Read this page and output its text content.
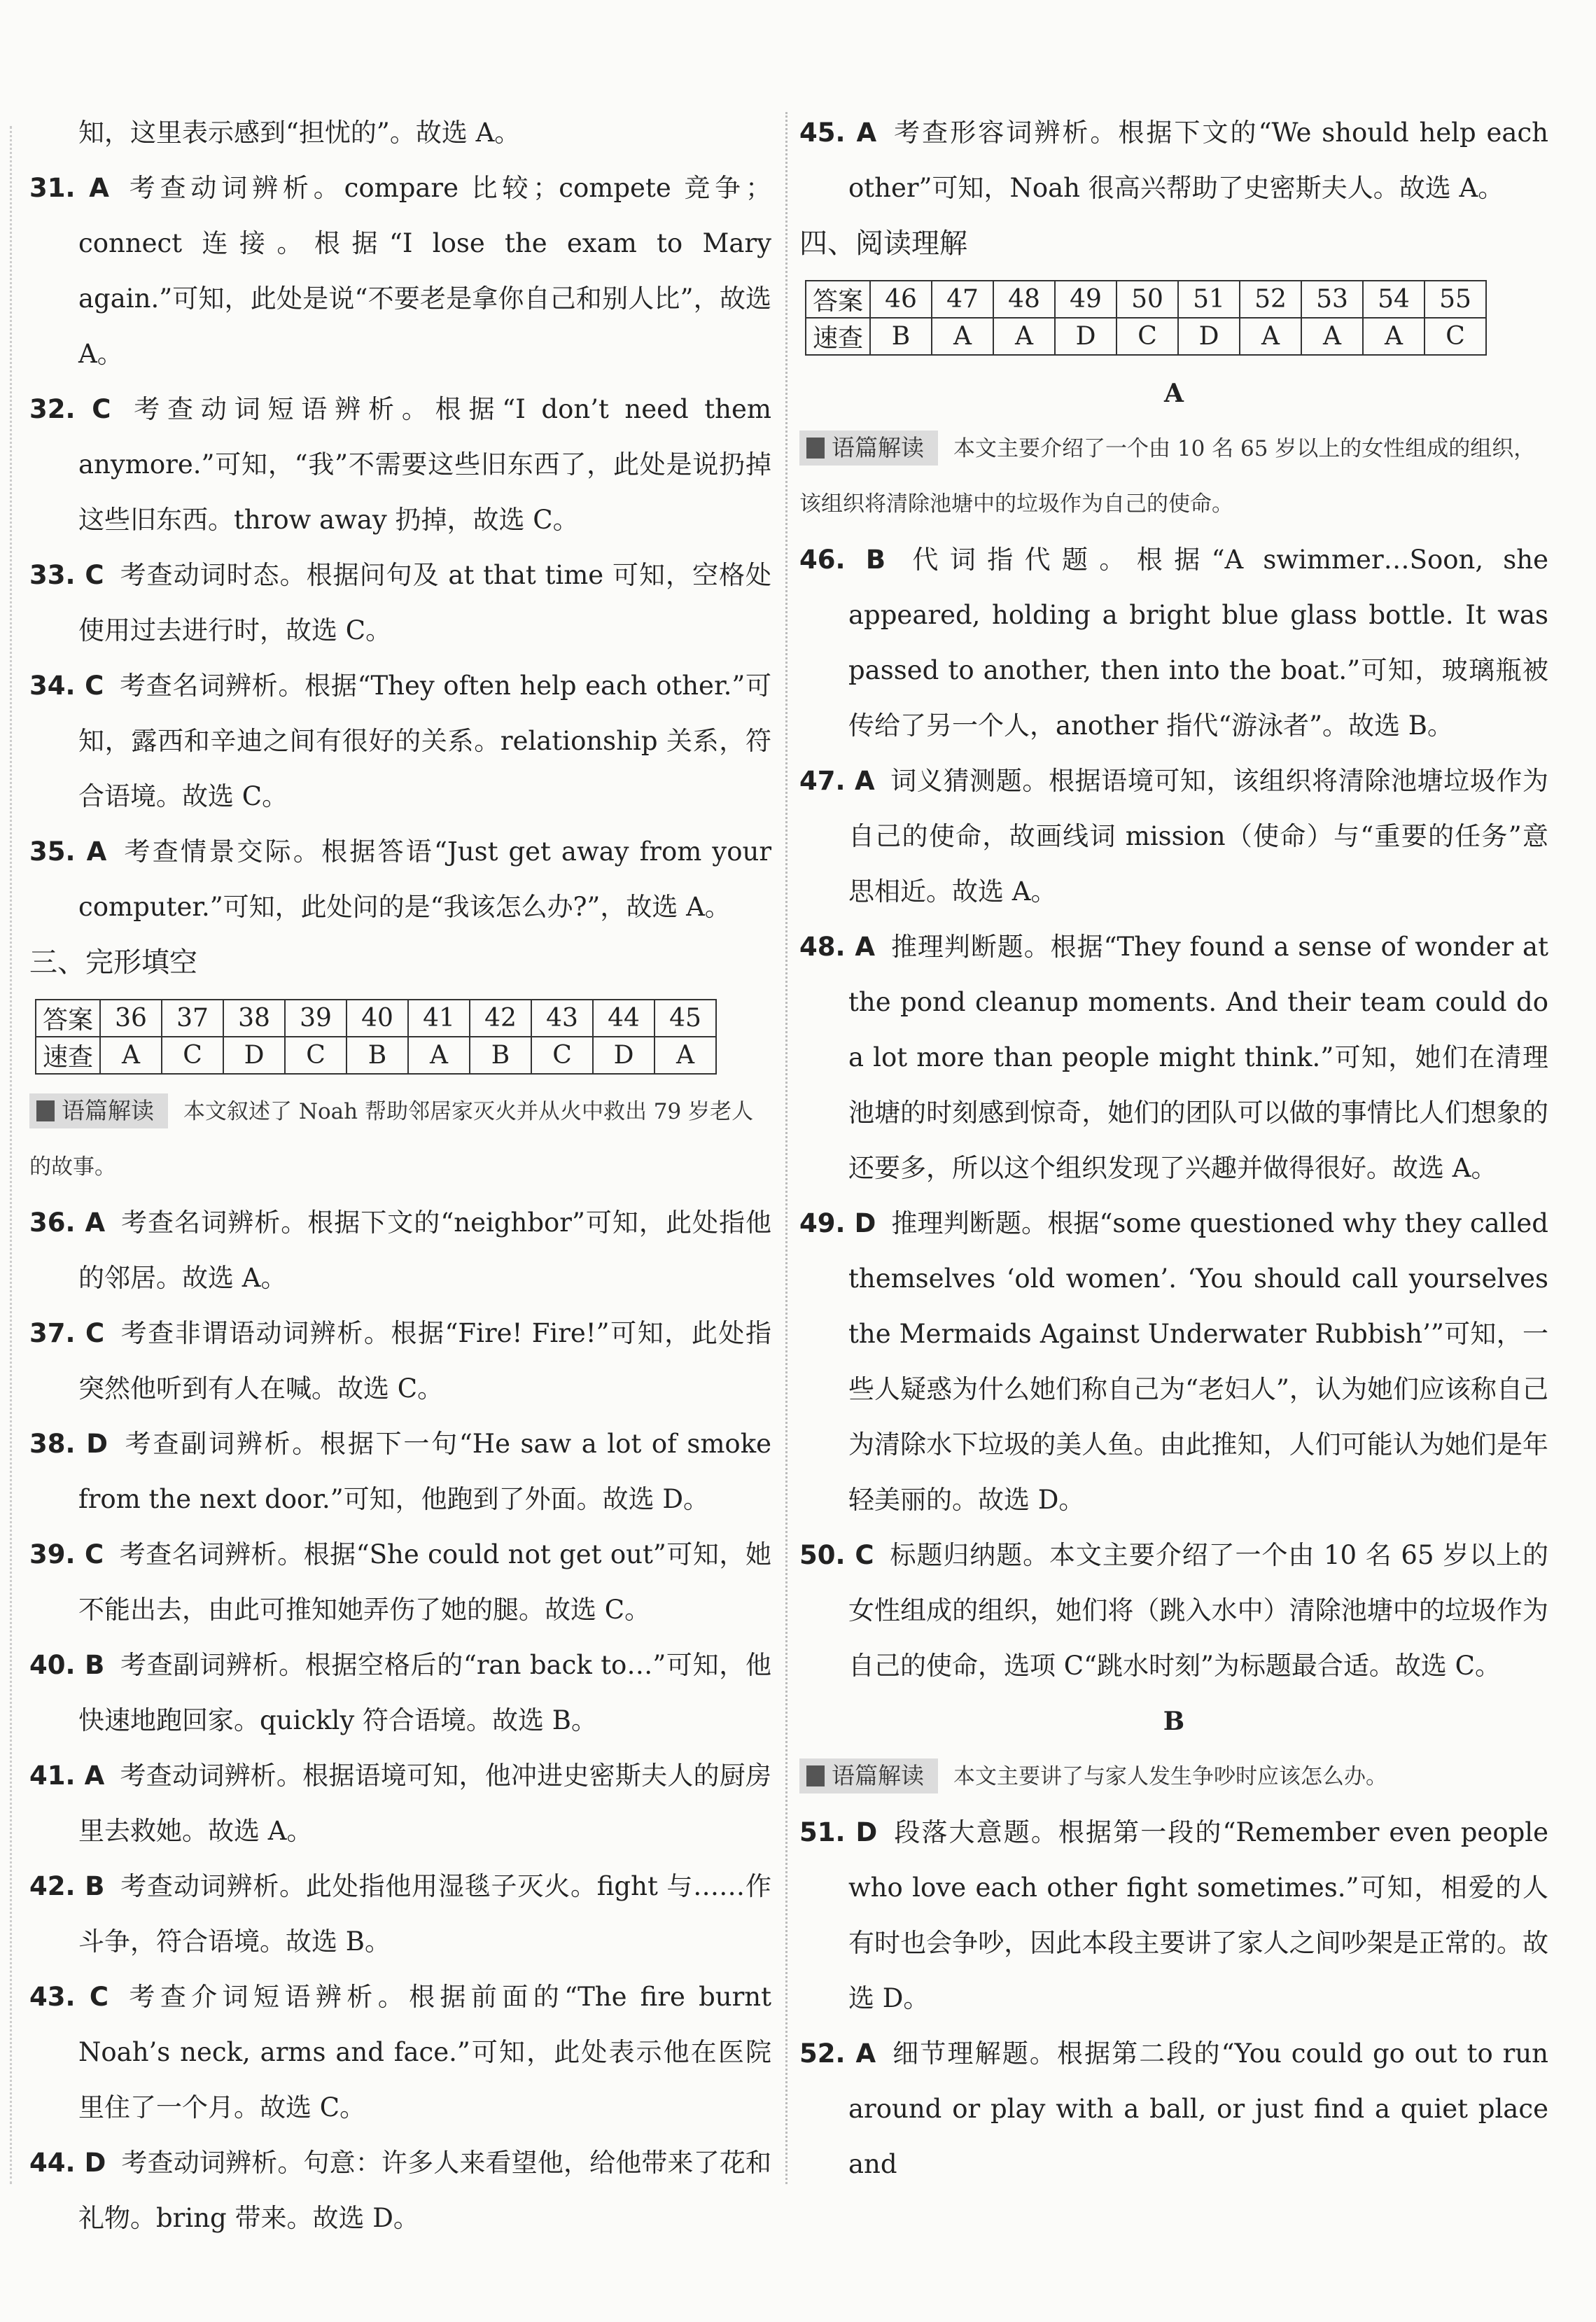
知，这里表示感到“担忧的”。故选 A。

31. A 考查动词辨析。compare 比较；compete 竞争；connect 连接。根据“I lose the exam to Mary again.”可知，此处是说“不要老是拿你自己和别人比”，故选 A。

32. C 考查动词短语辨析。根据“I don’t need them anymore.”可知，“我”不需要这些旧东西了，此处是说扔掉这些旧东西。throw away 扔掉，故选 C。

33. C 考查动词时态。根据问句及 at that time 可知，空格处使用过去进行时，故选 C。

34. C 考查名词辨析。根据“They often help each other.”可知，露西和辛迪之间有很好的关系。relationship 关系，符合语境。故选 C。

35. A 考查情景交际。根据答语“Just get away from your computer.”可知，此处问的是“我该怎么办?”，故选 A。

三、完形填空

答案	36	37	38	39	40	41	42	43	44	45
速查	A	C	D	C	B	A	B	C	D	A

语篇解读 本文叙述了 Noah 帮助邻居家灭火并从火中救出 79 岁老人的故事。

36. A 考查名词辨析。根据下文的“neighbor”可知，此处指他的邻居。故选 A。

37. C 考查非谓语动词辨析。根据“Fire! Fire!”可知，此处指突然他听到有人在喊。故选 C。

38. D 考查副词辨析。根据下一句“He saw a lot of smoke from the next door.”可知，他跑到了外面。故选 D。

39. C 考查名词辨析。根据“She could not get out”可知，她不能出去，由此可推知她弄伤了她的腿。故选 C。

40. B 考查副词辨析。根据空格后的“ran back to…”可知，他快速地跑回家。quickly 符合语境。故选 B。

41. A 考查动词辨析。根据语境可知，他冲进史密斯夫人的厨房里去救她。故选 A。

42. B 考查动词辨析。此处指他用湿毯子灭火。fight 与……作斗争，符合语境。故选 B。

43. C 考查介词短语辨析。根据前面的“The fire burnt Noah’s neck, arms and face.”可知，此处表示他在医院里住了一个月。故选 C。

44. D 考查动词辨析。句意：许多人来看望他，给他带来了花和礼物。bring 带来。故选 D。

45. A 考查形容词辨析。根据下文的“We should help each other”可知，Noah 很高兴帮助了史密斯夫人。故选 A。

四、阅读理解

答案	46	47	48	49	50	51	52	53	54	55
速查	B	A	A	D	C	D	A	A	A	C

A

语篇解读 本文主要介绍了一个由 10 名 65 岁以上的女性组成的组织，该组织将清除池塘中的垃圾作为自己的使命。

46. B 代词指代题。根据“A swimmer…Soon, she appeared, holding a bright blue glass bottle. It was passed to another, then into the boat.”可知，玻璃瓶被传给了另一个人，another 指代“游泳者”。故选 B。

47. A 词义猜测题。根据语境可知，该组织将清除池塘垃圾作为自己的使命，故画线词 mission（使命）与“重要的任务”意思相近。故选 A。

48. A 推理判断题。根据“They found a sense of wonder at the pond cleanup moments. And their team could do a lot more than people might think.”可知，她们在清理池塘的时刻感到惊奇，她们的团队可以做的事情比人们想象的还要多，所以这个组织发现了兴趣并做得很好。故选 A。

49. D 推理判断题。根据“some questioned why they called themselves ‘old women’. ‘You should call yourselves the Mermaids Against Underwater Rubbish’”可知，一些人疑惑为什么她们称自己为“老妇人”，认为她们应该称自己为清除水下垃圾的美人鱼。由此推知，人们可能认为她们是年轻美丽的。故选 D。

50. C 标题归纳题。本文主要介绍了一个由 10 名 65 岁以上的女性组成的组织，她们将（跳入水中）清除池塘中的垃圾作为自己的使命，选项 C“跳水时刻”为标题最合适。故选 C。

B

语篇解读 本文主要讲了与家人发生争吵时应该怎么办。

51. D 段落大意题。根据第一段的“Remember even people who love each other fight sometimes.”可知，相爱的人有时也会争吵，因此本段主要讲了家人之间吵架是正常的。故选 D。

52. A 细节理解题。根据第二段的“You could go out to run around or play with a ball, or just find a quiet place and
